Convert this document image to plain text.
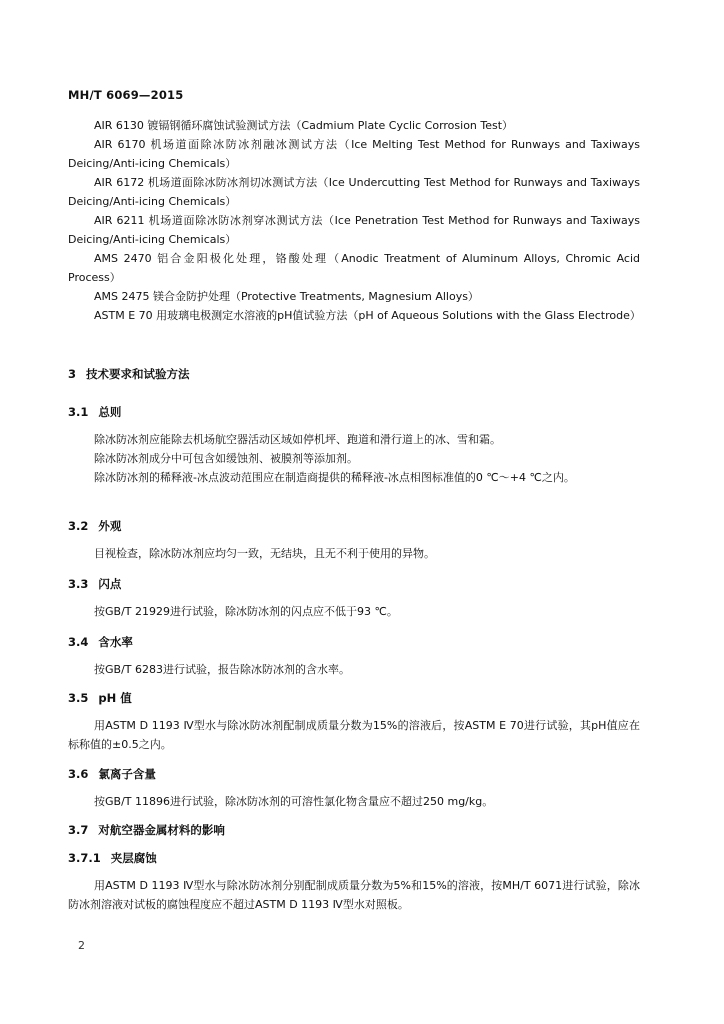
MH/T 6069—2015

AIR 6130 镀镉钢循环腐蚀试验测试方法（Cadmium Plate Cyclic Corrosion Test）

AIR 6170 机场道面除冰防冰剂融冰测试方法（Ice Melting Test Method for Runways and Taxiways Deicing/Anti-icing Chemicals）

AIR 6172 机场道面除冰防冰剂切冰测试方法（Ice Undercutting Test Method for Runways and Taxiways Deicing/Anti-icing Chemicals）

AIR 6211 机场道面除冰防冰剂穿冰测试方法（Ice Penetration Test Method for Runways and Taxiways Deicing/Anti-icing Chemicals）

AMS 2470 铝合金阳极化处理，铬酸处理（Anodic Treatment of Aluminum Alloys, Chromic Acid Process）

AMS 2475 镁合金防护处理（Protective Treatments, Magnesium Alloys）

ASTM E 70 用玻璃电极测定水溶液的pH值试验方法（pH of Aqueous Solutions with the Glass Electrode）

3 技术要求和试验方法
3.1 总则

除冰防冰剂应能除去机场航空器活动区域如停机坪、跑道和滑行道上的冰、雪和霜。

除冰防冰剂成分中可包含如缓蚀剂、被膜剂等添加剂。

除冰防冰剂的稀释液-冰点波动范围应在制造商提供的稀释液-冰点相图标准值的0 ℃～+4 ℃之内。

3.2 外观

目视检查，除冰防冰剂应均匀一致，无结块，且无不利于使用的异物。

3.3 闪点

按GB/T 21929进行试验，除冰防冰剂的闪点应不低于93 ℃。

3.4 含水率

按GB/T 6283进行试验，报告除冰防冰剂的含水率。

3.5 pH 值

用ASTM D 1193 Ⅳ型水与除冰防冰剂配制成质量分数为15%的溶液后，按ASTM E 70进行试验，其pH值应在标称值的±0.5之内。

3.6 氯离子含量

按GB/T 11896进行试验，除冰防冰剂的可溶性氯化物含量应不超过250 mg/kg。

3.7 对航空器金属材料的影响
3.7.1 夹层腐蚀

用ASTM D 1193 Ⅳ型水与除冰防冰剂分别配制成质量分数为5%和15%的溶液，按MH/T 6071进行试验，除冰防冰剂溶液对试板的腐蚀程度应不超过ASTM D 1193 Ⅳ型水对照板。

2
